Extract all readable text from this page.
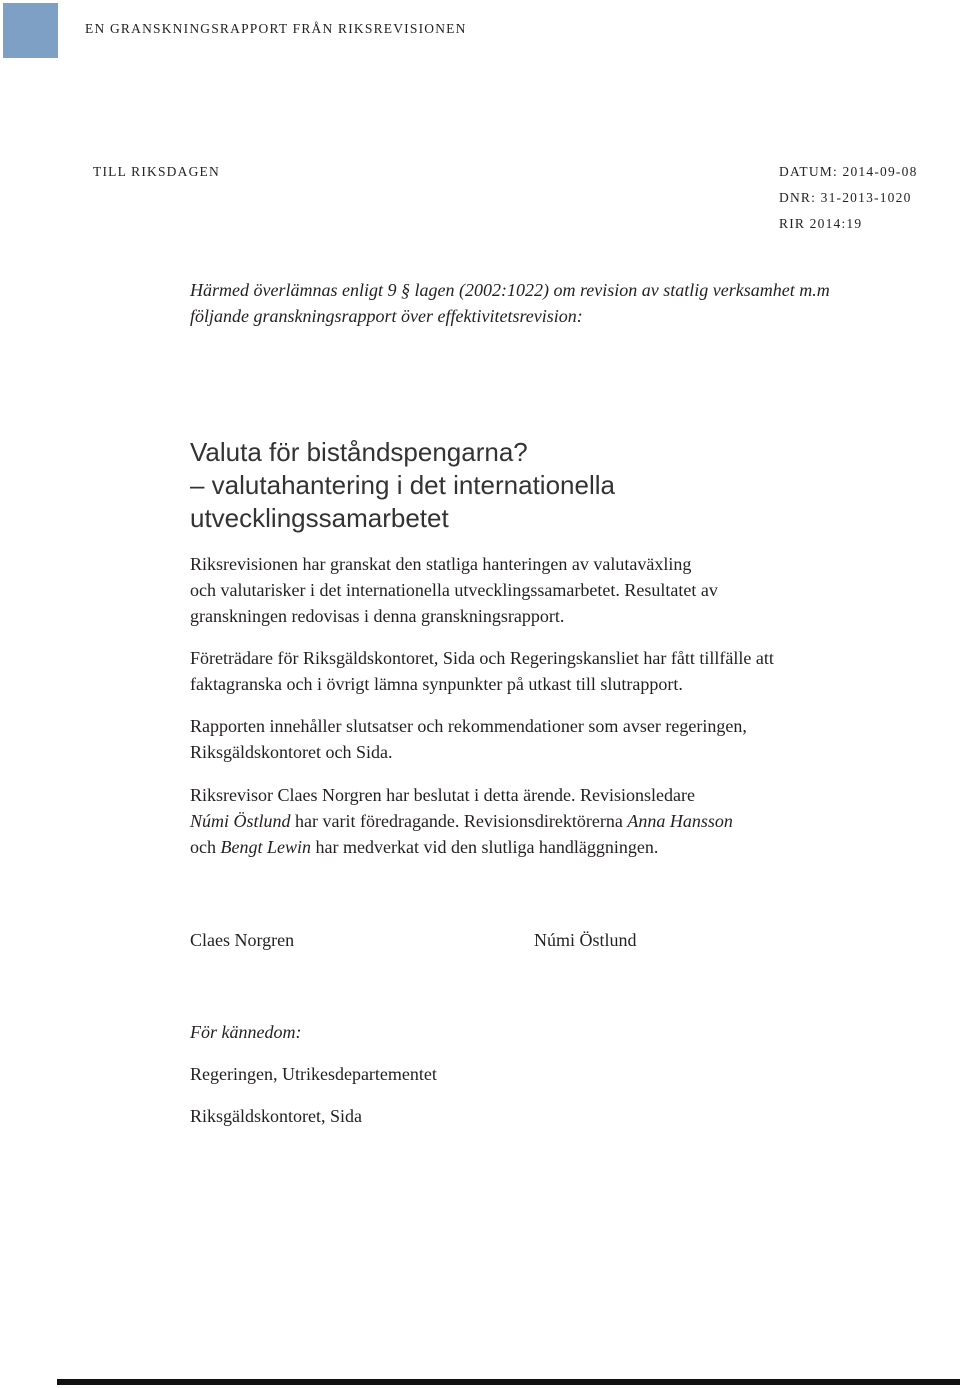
EN GRANSKNINGSRAPPORT FRÅN RIKSREVISIONEN
TILL RIKSDAGEN	DATUM: 2014-09-08
DNR: 31-2013-1020
RIR 2014:19
Härmed överlämnas enligt 9 § lagen (2002:1022) om revision av statlig verksamhet m.m
följande granskningsrapport över effektivitetsrevision:
Valuta för biståndspengarna?
– valutahantering i det internationella
utvecklingssamarbetet
Riksrevisionen har granskat den statliga hanteringen av valutaväxling
och valutarisker i det internationella utvecklingssamarbetet. Resultatet av
granskningen redovisas i denna granskningsrapport.
Företrädare för Riksgäldskontoret, Sida och Regeringskansliet har fått tillfälle att
faktagranska och i övrigt lämna synpunkter på utkast till slutrapport.
Rapporten innehåller slutsatser och rekommendationer som avser regeringen,
Riksgäldskontoret och Sida.
Riksrevisor Claes Norgren har beslutat i detta ärende. Revisionsledare
Númi Östlund har varit föredragande. Revisionsdirektörerna Anna Hansson
och Bengt Lewin har medverkat vid den slutliga handläggningen.
Claes Norgren	Númi Östlund
För kännedom:
Regeringen, Utrikesdepartementet
Riksgäldskontoret, Sida
